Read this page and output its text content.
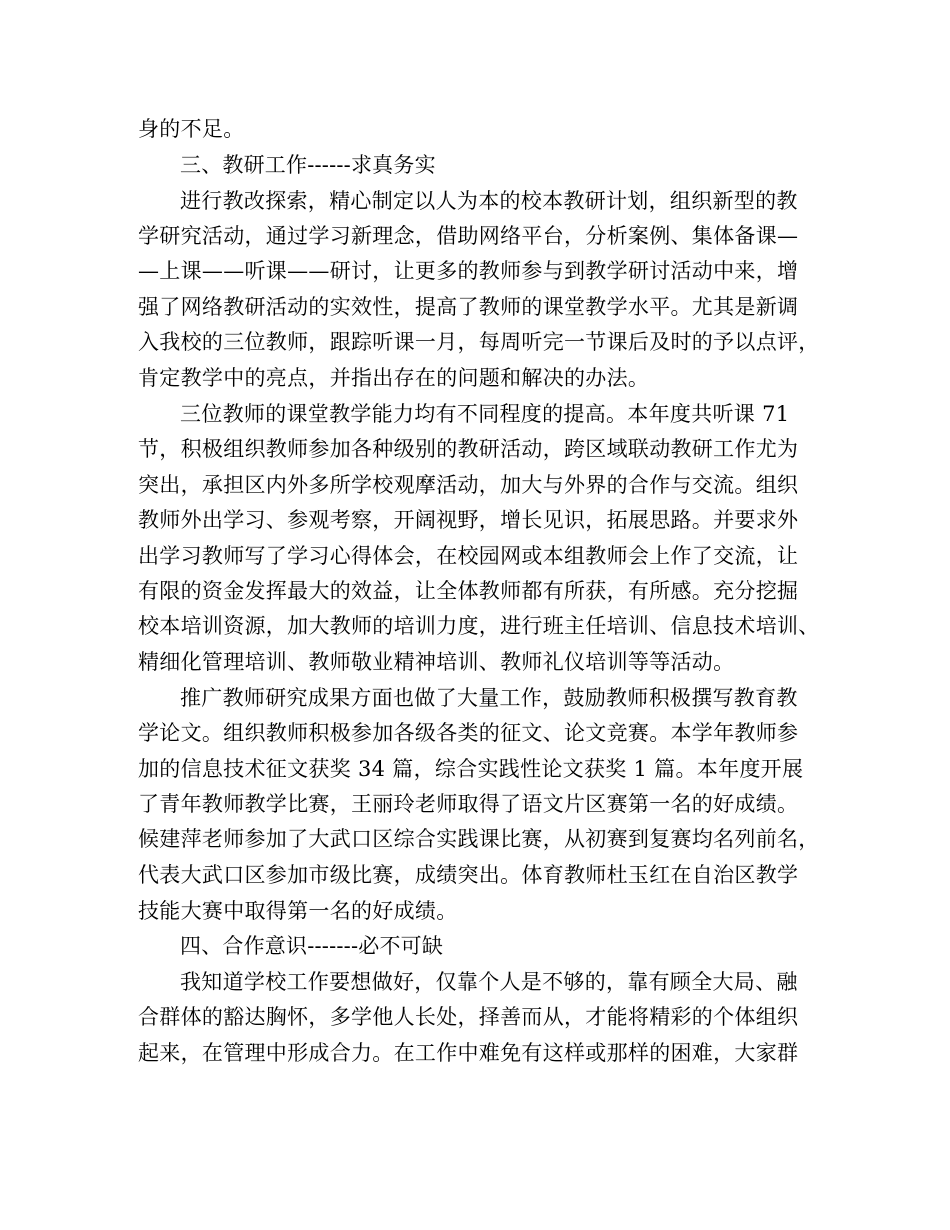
身的不足。
三、教研工作------求真务实
进行教改探索，精心制定以人为本的校本教研计划，组织新型的教
学研究活动，通过学习新理念，借助网络平台，分析案例、集体备课—
—上课——听课——研讨，让更多的教师参与到教学研讨活动中来，增
强了网络教研活动的实效性，提高了教师的课堂教学水平。尤其是新调
入我校的三位教师，跟踪听课一月，每周听完一节课后及时的予以点评，
肯定教学中的亮点，并指出存在的问题和解决的办法。
三位教师的课堂教学能力均有不同程度的提高。本年度共听课 71
节，积极组织教师参加各种级别的教研活动，跨区域联动教研工作尤为
突出，承担区内外多所学校观摩活动，加大与外界的合作与交流。组织
教师外出学习、参观考察，开阔视野，增长见识，拓展思路。并要求外
出学习教师写了学习心得体会，在校园网或本组教师会上作了交流，让
有限的资金发挥最大的效益，让全体教师都有所获，有所感。充分挖掘
校本培训资源，加大教师的培训力度，进行班主任培训、信息技术培训、
精细化管理培训、教师敬业精神培训、教师礼仪培训等等活动。
推广教师研究成果方面也做了大量工作，鼓励教师积极撰写教育教
学论文。组织教师积极参加各级各类的征文、论文竞赛。本学年教师参
加的信息技术征文获奖 34 篇，综合实践性论文获奖 1 篇。本年度开展
了青年教师教学比赛，王丽玲老师取得了语文片区赛第一名的好成绩。
候建萍老师参加了大武口区综合实践课比赛，从初赛到复赛均名列前名，
代表大武口区参加市级比赛，成绩突出。体育教师杜玉红在自治区教学
技能大赛中取得第一名的好成绩。
四、合作意识-------必不可缺
我知道学校工作要想做好，仅靠个人是不够的，靠有顾全大局、融
合群体的豁达胸怀，多学他人长处，择善而从，才能将精彩的个体组织
起来，在管理中形成合力。在工作中难免有这样或那样的困难，大家群
